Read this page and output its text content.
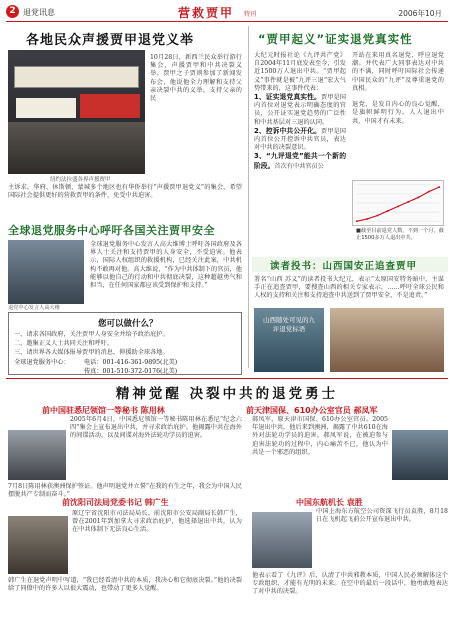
2 退党讯息	营救贾甲 特刊	2006年10月
各地民众声援贾甲退党义举
纽约法拉盛各界声援贾甲
10月28日，新西兰民众举行游行集会，声援贾甲和中共决裂义举。贾甲之子贾则参加了新闻发布会，他说他全力理解和支持父亲决裂中共的义举。支持父亲的民
主诉求。华府、休斯顿、蒙城多个地区也有华侨举行“声援贾甲退党义”的集会，希望国际社会提供更好的营救贾甲的条件，免受中共迫害。
全球退党服务中心呼吁各国关注贾甲安全
退党中心发言人高大维
全球退党服务中心发言人高大维博士呼吁各国政府及各界人士关注和支持贾甲的人身安全，不受迫害。他表示，国际人权组织的救援机构，已经关注此案，中共机构不敢再对他。高大维说，“作为中共体制下的官员，他能够以他自己的行动和中共彻底决裂，这种超越勇气和担当，在任何国家都应该受到保护和支持。”
您可以做什么？
一、请求各国政府，关注贾甲人身安全并给予政治庇护。
二、邀集正义人士共同关注和呼吁。
三、请世界各大媒体报导贾甲的消息，伸援助全球各地。
全球退党服务中心： 电话：001-416-361-9895(北美)
传真：001-510-372-0176(北美)
“贾甲起义”证实退党真实性
大纪元时报社论《九评共产党》自2004年11月底发表至今，引发近1500万人退出中共。“贾甲起义”事件就是被“九评三退”宏大气势带来的，这事件代表：
1、证实退党真实性。贾甲是国内首位对退党表示明确态度的官员，公开证实退党趋势的广泛性和中共基层对三退的认同。
2、控诉中共公开化。贾甲是国内首位公开控诉中共官员，表达对中共的决裂意识。
3、“九评退党”能共一个新的阶段。首次有中共官员公
开站在来用真名退党，呼应退党潮。并代表广大同事表达对中共的不满，同时呼吁国际社会传递中国民众的“九评”及尊重退党的真相。

退党，是发自内心的良心觉醒，是旗帜鲜明行为。人人退出中共，中国才有未来。
■截至目前退党人数，不到一个月，截止1500多万人退出中共。
读者投书：山西国安正追查贾甲
署名“山西 苏义”的读者投书大纪元，表示“太原国安特务暗中，主谋手正在追查贾甲，要搜查山西的相关专家表示，……呼吁全球公民和人权的支持和关注和支持追查中共送到了贾甲安全，不是追责。”
山西随处可见的九评退党标语
精神觉醒 决裂中共的退党勇士
前中国驻悉尼领馆一等秘书 陈用林
2005年6月4日，中国悉尼领馆一等秘书陈用林在悉尼“纪念六四”集会上宣布退出中共，并寻求政治庇护。他揭露中共在海外的间谍活动，以及间谍对海外法轮功学员的迫害。
7月8日陈用林获澳洲保护签证。他声明退党并立誓“在我的有生之年，我会为中国人民摆脱共产专制而奋斗。”
前天津国保、610办公室官员 郝凤军
郝凤军，原天津市国保、610办公室官员。2005年退出中共，他后来到澳洲，揭露了中共610在海外对法轮功学员的迫害。郝凤军说，在被迫参与迫害法轮功的过程中，内心痛苦不已，他认为中共是一个邪恶的组织。
前沈阳司法局党委书记 韩广生
原辽宁省沈阳市司法局局长、前沈阳市公安局副局长韩广生，曾在2001年到加拿大寻求政治庇护，他选择退出中共，认为在中共体制下无法良心生活。
韩广生在退党声明中写道，“我已经看清中共的本质，我决心和它彻底决裂。”他的决裂给了同僚中的许多人以很大震动，也带动了更多人觉醒。
中国东航机长 袁胜
中国上海东方航空公司资深飞行员袁胜，8月18日在飞机起飞前公开宣布退出中共。
他表示看了《九评》后，认清了中共邪教本质，中国人民必须解体这个专政组织，才能有光明的未来。在空中的最后一段话中，他勇敢地表达了对中共的决裂。
